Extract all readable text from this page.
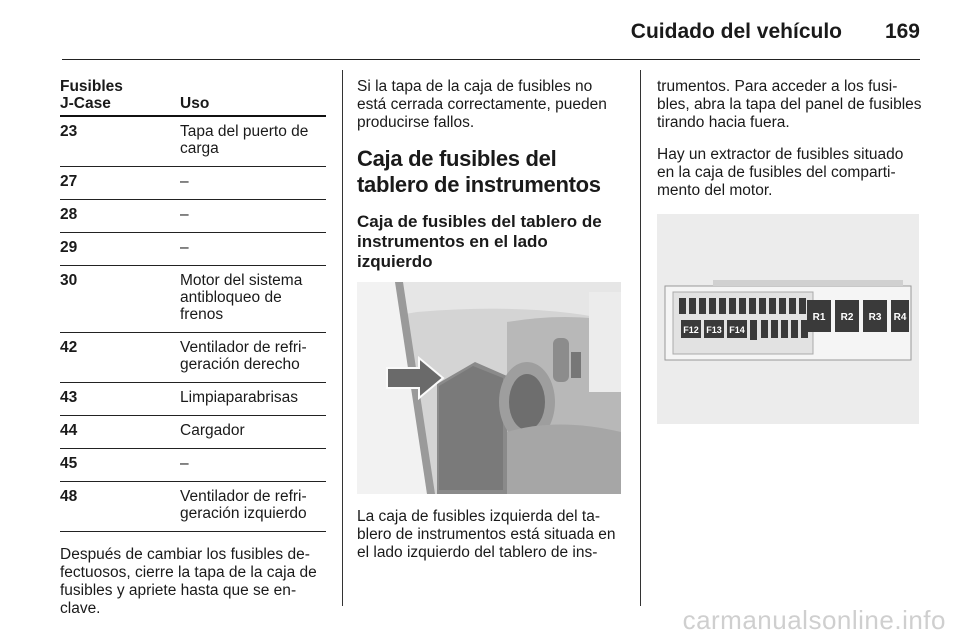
Cuidado del vehículo 169
Fusibles
J-Case	Uso
23	Tapa del puerto de carga
27	–
28	–
29	–
30	Motor del sistema antibloqueo de frenos
42	Ventilador de refrigeración derecho
43	Limpiaparabrisas
44	Cargador
45	–
48	Ventilador de refrigeración izquierdo

Después de cambiar los fusibles defectuosos, cierre la tapa de la caja de fusibles y apriete hasta que se enclave.

Si la tapa de la caja de fusibles no está cerrada correctamente, pueden producirse fallos.

Caja de fusibles del tablero de instrumentos
Caja de fusibles del tablero de instrumentos en el lado izquierdo

La caja de fusibles izquierda del tablero de instrumentos está situada en el lado izquierdo del tablero de ins-

trumentos. Para acceder a los fusibles, abra la tapa del panel de fusibles tirando hacia fuera.

Hay un extractor de fusibles situado en la caja de fusibles del compartimento del motor.

F12 F13 F14
R1 R2 R3 R4
carmanualsonline.info
